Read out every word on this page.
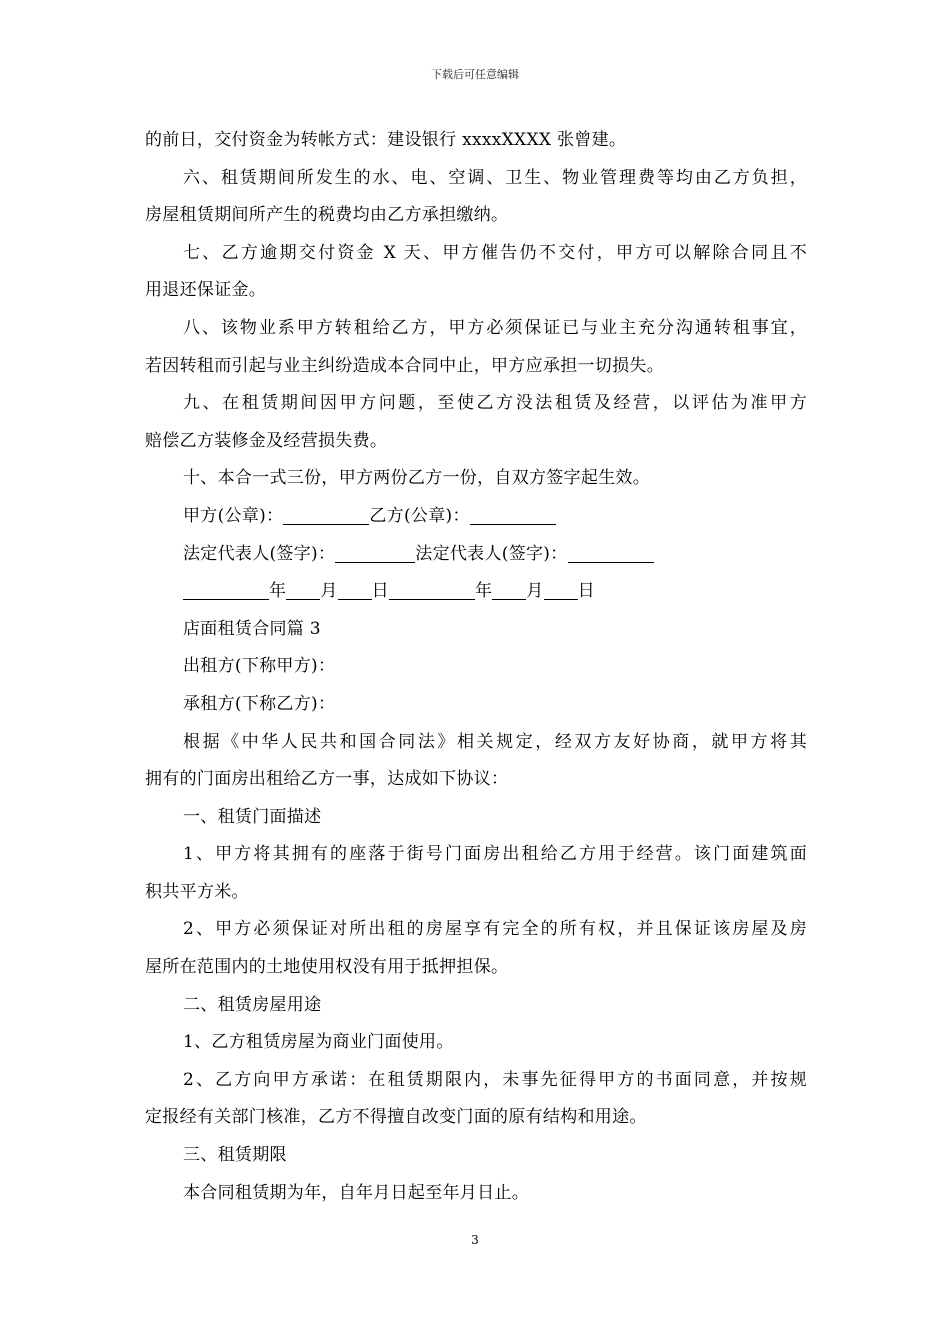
下载后可任意编辑

的前日，交付资金为转帐方式：建设银行 xxxxXXXX 张曾建。

六、租赁期间所发生的水、电、空调、卫生、物业管理费等均由乙方负担，

房屋租赁期间所产生的税费均由乙方承担缴纳。

七、乙方逾期交付资金 X 天、甲方催告仍不交付，甲方可以解除合同且不

用退还保证金。

八、该物业系甲方转租给乙方，甲方必须保证已与业主充分沟通转租事宜，

若因转租而引起与业主纠纷造成本合同中止，甲方应承担一切损失。

九、在租赁期间因甲方问题，至使乙方没法租赁及经营，以评估为准甲方

赔偿乙方装修金及经营损失费。

十、本合一式三份，甲方两份乙方一份，自双方签字起生效。

甲方(公章)：	乙方(公章)：

法定代表人(签字)：	法定代表人(签字)：

年 月 日	年 月 日

店面租赁合同篇 3

出租方(下称甲方)：

承租方(下称乙方)：

根据《中华人民共和国合同法》相关规定，经双方友好协商，就甲方将其

拥有的门面房出租给乙方一事，达成如下协议：

一、租赁门面描述

1、甲方将其拥有的座落于街号门面房出租给乙方用于经营。该门面建筑面

积共平方米。

2、甲方必须保证对所出租的房屋享有完全的所有权，并且保证该房屋及房

屋所在范围内的土地使用权没有用于抵押担保。

二、租赁房屋用途

1、乙方租赁房屋为商业门面使用。

2、乙方向甲方承诺：在租赁期限内，未事先征得甲方的书面同意，并按规

定报经有关部门核准，乙方不得擅自改变门面的原有结构和用途。

三、租赁期限

本合同租赁期为年，自年月日起至年月日止。

3
